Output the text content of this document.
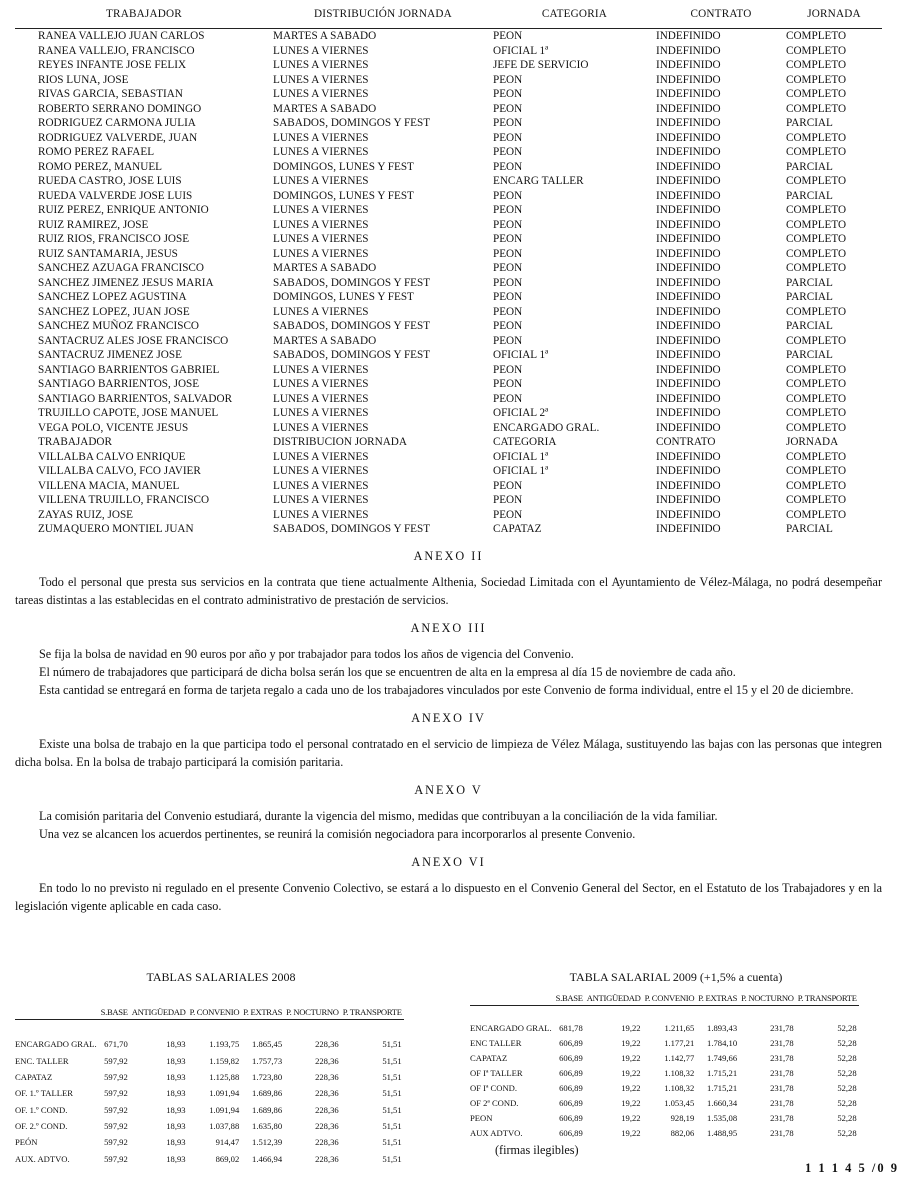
TRABAJADOR	DISTRIBUCIÓN JORNADA	CATEGORIA	CONTRATO	JORNADA
RANEA VALLEJO JUAN CARLOS	MARTES A SABADO	PEON	INDEFINIDO	COMPLETO
RANEA VALLEJO, FRANCISCO	LUNES A VIERNES	OFICIAL 1ª	INDEFINIDO	COMPLETO
REYES INFANTE JOSE FELIX	LUNES A VIERNES	JEFE DE SERVICIO	INDEFINIDO	COMPLETO
RIOS LUNA, JOSE	LUNES A VIERNES	PEON	INDEFINIDO	COMPLETO
RIVAS GARCIA, SEBASTIAN	LUNES A VIERNES	PEON	INDEFINIDO	COMPLETO
ROBERTO SERRANO DOMINGO	MARTES A SABADO	PEON	INDEFINIDO	COMPLETO
RODRIGUEZ CARMONA JULIA	SABADOS, DOMINGOS Y FEST	PEON	INDEFINIDO	PARCIAL
RODRIGUEZ VALVERDE, JUAN	LUNES A VIERNES	PEON	INDEFINIDO	COMPLETO
ROMO PEREZ RAFAEL	LUNES A VIERNES	PEON	INDEFINIDO	COMPLETO
ROMO PEREZ, MANUEL	DOMINGOS, LUNES Y FEST	PEON	INDEFINIDO	PARCIAL
RUEDA CASTRO, JOSE LUIS	LUNES A VIERNES	ENCARG TALLER	INDEFINIDO	COMPLETO
RUEDA VALVERDE JOSE LUIS	DOMINGOS, LUNES Y FEST	PEON	INDEFINIDO	PARCIAL
RUIZ PEREZ, ENRIQUE ANTONIO	LUNES A VIERNES	PEON	INDEFINIDO	COMPLETO
RUIZ RAMIREZ, JOSE	LUNES A VIERNES	PEON	INDEFINIDO	COMPLETO
RUIZ RIOS, FRANCISCO JOSE	LUNES A VIERNES	PEON	INDEFINIDO	COMPLETO
RUIZ SANTAMARIA, JESUS	LUNES A VIERNES	PEON	INDEFINIDO	COMPLETO
SANCHEZ AZUAGA FRANCISCO	MARTES A SABADO	PEON	INDEFINIDO	COMPLETO
SANCHEZ JIMENEZ JESUS MARIA	SABADOS, DOMINGOS Y FEST	PEON	INDEFINIDO	PARCIAL
SANCHEZ LOPEZ AGUSTINA	DOMINGOS, LUNES Y FEST	PEON	INDEFINIDO	PARCIAL
SANCHEZ LOPEZ, JUAN JOSE	LUNES A VIERNES	PEON	INDEFINIDO	COMPLETO
SANCHEZ MUÑOZ FRANCISCO	SABADOS, DOMINGOS Y FEST	PEON	INDEFINIDO	PARCIAL
SANTACRUZ ALES JOSE FRANCISCO	MARTES A SABADO	PEON	INDEFINIDO	COMPLETO
SANTACRUZ JIMENEZ JOSE	SABADOS, DOMINGOS Y FEST	OFICIAL 1ª	INDEFINIDO	PARCIAL
SANTIAGO BARRIENTOS GABRIEL	LUNES A VIERNES	PEON	INDEFINIDO	COMPLETO
SANTIAGO BARRIENTOS, JOSE	LUNES A VIERNES	PEON	INDEFINIDO	COMPLETO
SANTIAGO BARRIENTOS, SALVADOR	LUNES A VIERNES	PEON	INDEFINIDO	COMPLETO
TRUJILLO CAPOTE, JOSE MANUEL	LUNES A VIERNES	OFICIAL 2ª	INDEFINIDO	COMPLETO
VEGA POLO, VICENTE JESUS	LUNES A VIERNES	ENCARGADO GRAL.	INDEFINIDO	COMPLETO
TRABAJADOR	DISTRIBUCION JORNADA	CATEGORIA	CONTRATO	JORNADA
VILLALBA CALVO ENRIQUE	LUNES A VIERNES	OFICIAL 1ª	INDEFINIDO	COMPLETO
VILLALBA CALVO, FCO JAVIER	LUNES A VIERNES	OFICIAL 1ª	INDEFINIDO	COMPLETO
VILLENA MACIA, MANUEL	LUNES A VIERNES	PEON	INDEFINIDO	COMPLETO
VILLENA TRUJILLO, FRANCISCO	LUNES A VIERNES	PEON	INDEFINIDO	COMPLETO
ZAYAS RUIZ, JOSE	LUNES A VIERNES	PEON	INDEFINIDO	COMPLETO
ZUMAQUERO MONTIEL JUAN	SABADOS, DOMINGOS Y FEST	CAPATAZ	INDEFINIDO	PARCIAL
ANEXO II

Todo el personal que presta sus servicios en la contrata que tiene actualmente Althenia, Sociedad Limitada con el Ayuntamiento de Vélez-Málaga, no podrá desempeñar tareas distintas a las establecidas en el contrato administrativo de prestación de servicios.

ANEXO III

Se fija la bolsa de navidad en 90 euros por año y por trabajador para todos los años de vigencia del Convenio.

El número de trabajadores que participará de dicha bolsa serán los que se encuentren de alta en la empresa al día 15 de noviembre de cada año.

Esta cantidad se entregará en forma de tarjeta regalo a cada uno de los trabajadores vinculados por este Convenio de forma individual, entre el 15 y el 20 de diciembre.

ANEXO IV

Existe una bolsa de trabajo en la que participa todo el personal contratado en el servicio de limpieza de Vélez Málaga, sustituyendo las bajas con las personas que integren dicha bolsa. En la bolsa de trabajo participará la comisión paritaria.

ANEXO V

La comisión paritaria del Convenio estudiará, durante la vigencia del mismo, medidas que contribuyan a la conciliación de la vida familiar.

Una vez se alcancen los acuerdos pertinentes, se reunirá la comisión negociadora para incorporarlos al presente Convenio.

ANEXO VI

En todo lo no previsto ni regulado en el presente Convenio Colectivo, se estará a lo dispuesto en el Convenio General del Sector, en el Estatuto de los Trabajadores y en la legislación vigente aplicable en cada caso.

TABLAS SALARIALES 2008
	S.BASE	ANTIGÜEDAD	P. CONVENIO	P. EXTRAS	P. NOCTURNO	P. TRANSPORTE

ENCARGADO GRAL.	671,70	18,93	1.193,75	1.865,45	228,36	51,51
ENC. TALLER	597,92	18,93	1.159,82	1.757,73	228,36	51,51
CAPATAZ	597,92	18,93	1.125,88	1.723,80	228,36	51,51
OF. 1.º TALLER	597,92	18,93	1.091,94	1.689,86	228,36	51,51
OF. 1.º COND.	597,92	18,93	1.091,94	1.689,86	228,36	51,51
OF. 2.º COND.	597,92	18,93	1.037,88	1.635,80	228,36	51,51
PEÓN	597,92	18,93	914,47	1.512,39	228,36	51,51
AUX. ADTVO.	597,92	18,93	869,02	1.466,94	228,36	51,51
TABLA SALARIAL 2009 (+1,5% a cuenta)
	S.BASE	ANTIGÜEDAD	P. CONVENIO	P. EXTRAS	P. NOCTURNO	P. TRANSPORTE

ENCARGADO GRAL.	681,78	19,22	1.211,65	1.893,43	231,78	52,28
ENC TALLER	606,89	19,22	1.177,21	1.784,10	231,78	52,28
CAPATAZ	606,89	19,22	1.142,77	1.749,66	231,78	52,28
OF Iª TALLER	606,89	19,22	1.108,32	1.715,21	231,78	52,28
OF Iª COND.	606,89	19,22	1.108,32	1.715,21	231,78	52,28
OF 2ª COND.	606,89	19,22	1.053,45	1.660,34	231,78	52,28
PEON	606,89	19,22	928,19	1.535,08	231,78	52,28
AUX ADTVO.	606,89	19,22	882,06	1.488,95	231,78	52,28
(firmas ilegibles)
1 1 1 4 5 /0 9
